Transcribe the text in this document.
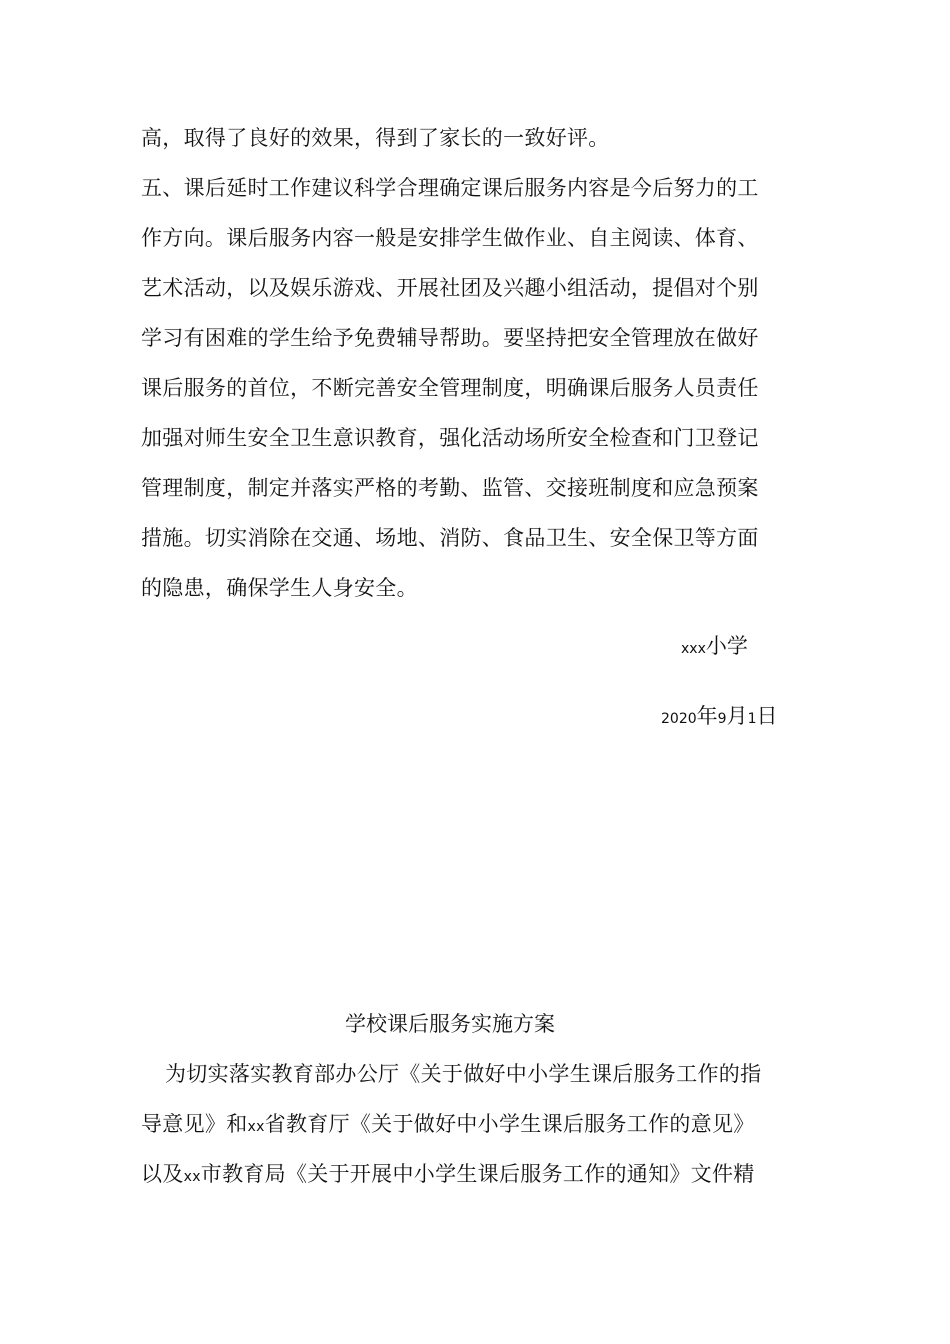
高，取得了良好的效果，得到了家长的一致好评。
五、课后延时工作建议科学合理确定课后服务内容是今后努力的工
作方向。课后服务内容一般是安排学生做作业、自主阅读、体育、
艺术活动，以及娱乐游戏、开展社团及兴趣小组活动，提倡对个别
学习有困难的学生给予免费辅导帮助。要坚持把安全管理放在做好
课后服务的首位，不断完善安全管理制度，明确课后服务人员责任
加强对师生安全卫生意识教育，强化活动场所安全检查和门卫登记
管理制度，制定并落实严格的考勤、监管、交接班制度和应急预案
措施。切实消除在交通、场地、消防、食品卫生、安全保卫等方面
的隐患，确保学生人身安全。
xxx小学
2020年9月1日
学校课后服务实施方案
为切实落实教育部办公厅《关于做好中小学生课后服务工作的指
导意见》和xx省教育厅《关于做好中小学生课后服务工作的意见》
以及xx市教育局《关于开展中小学生课后服务工作的通知》文件精
